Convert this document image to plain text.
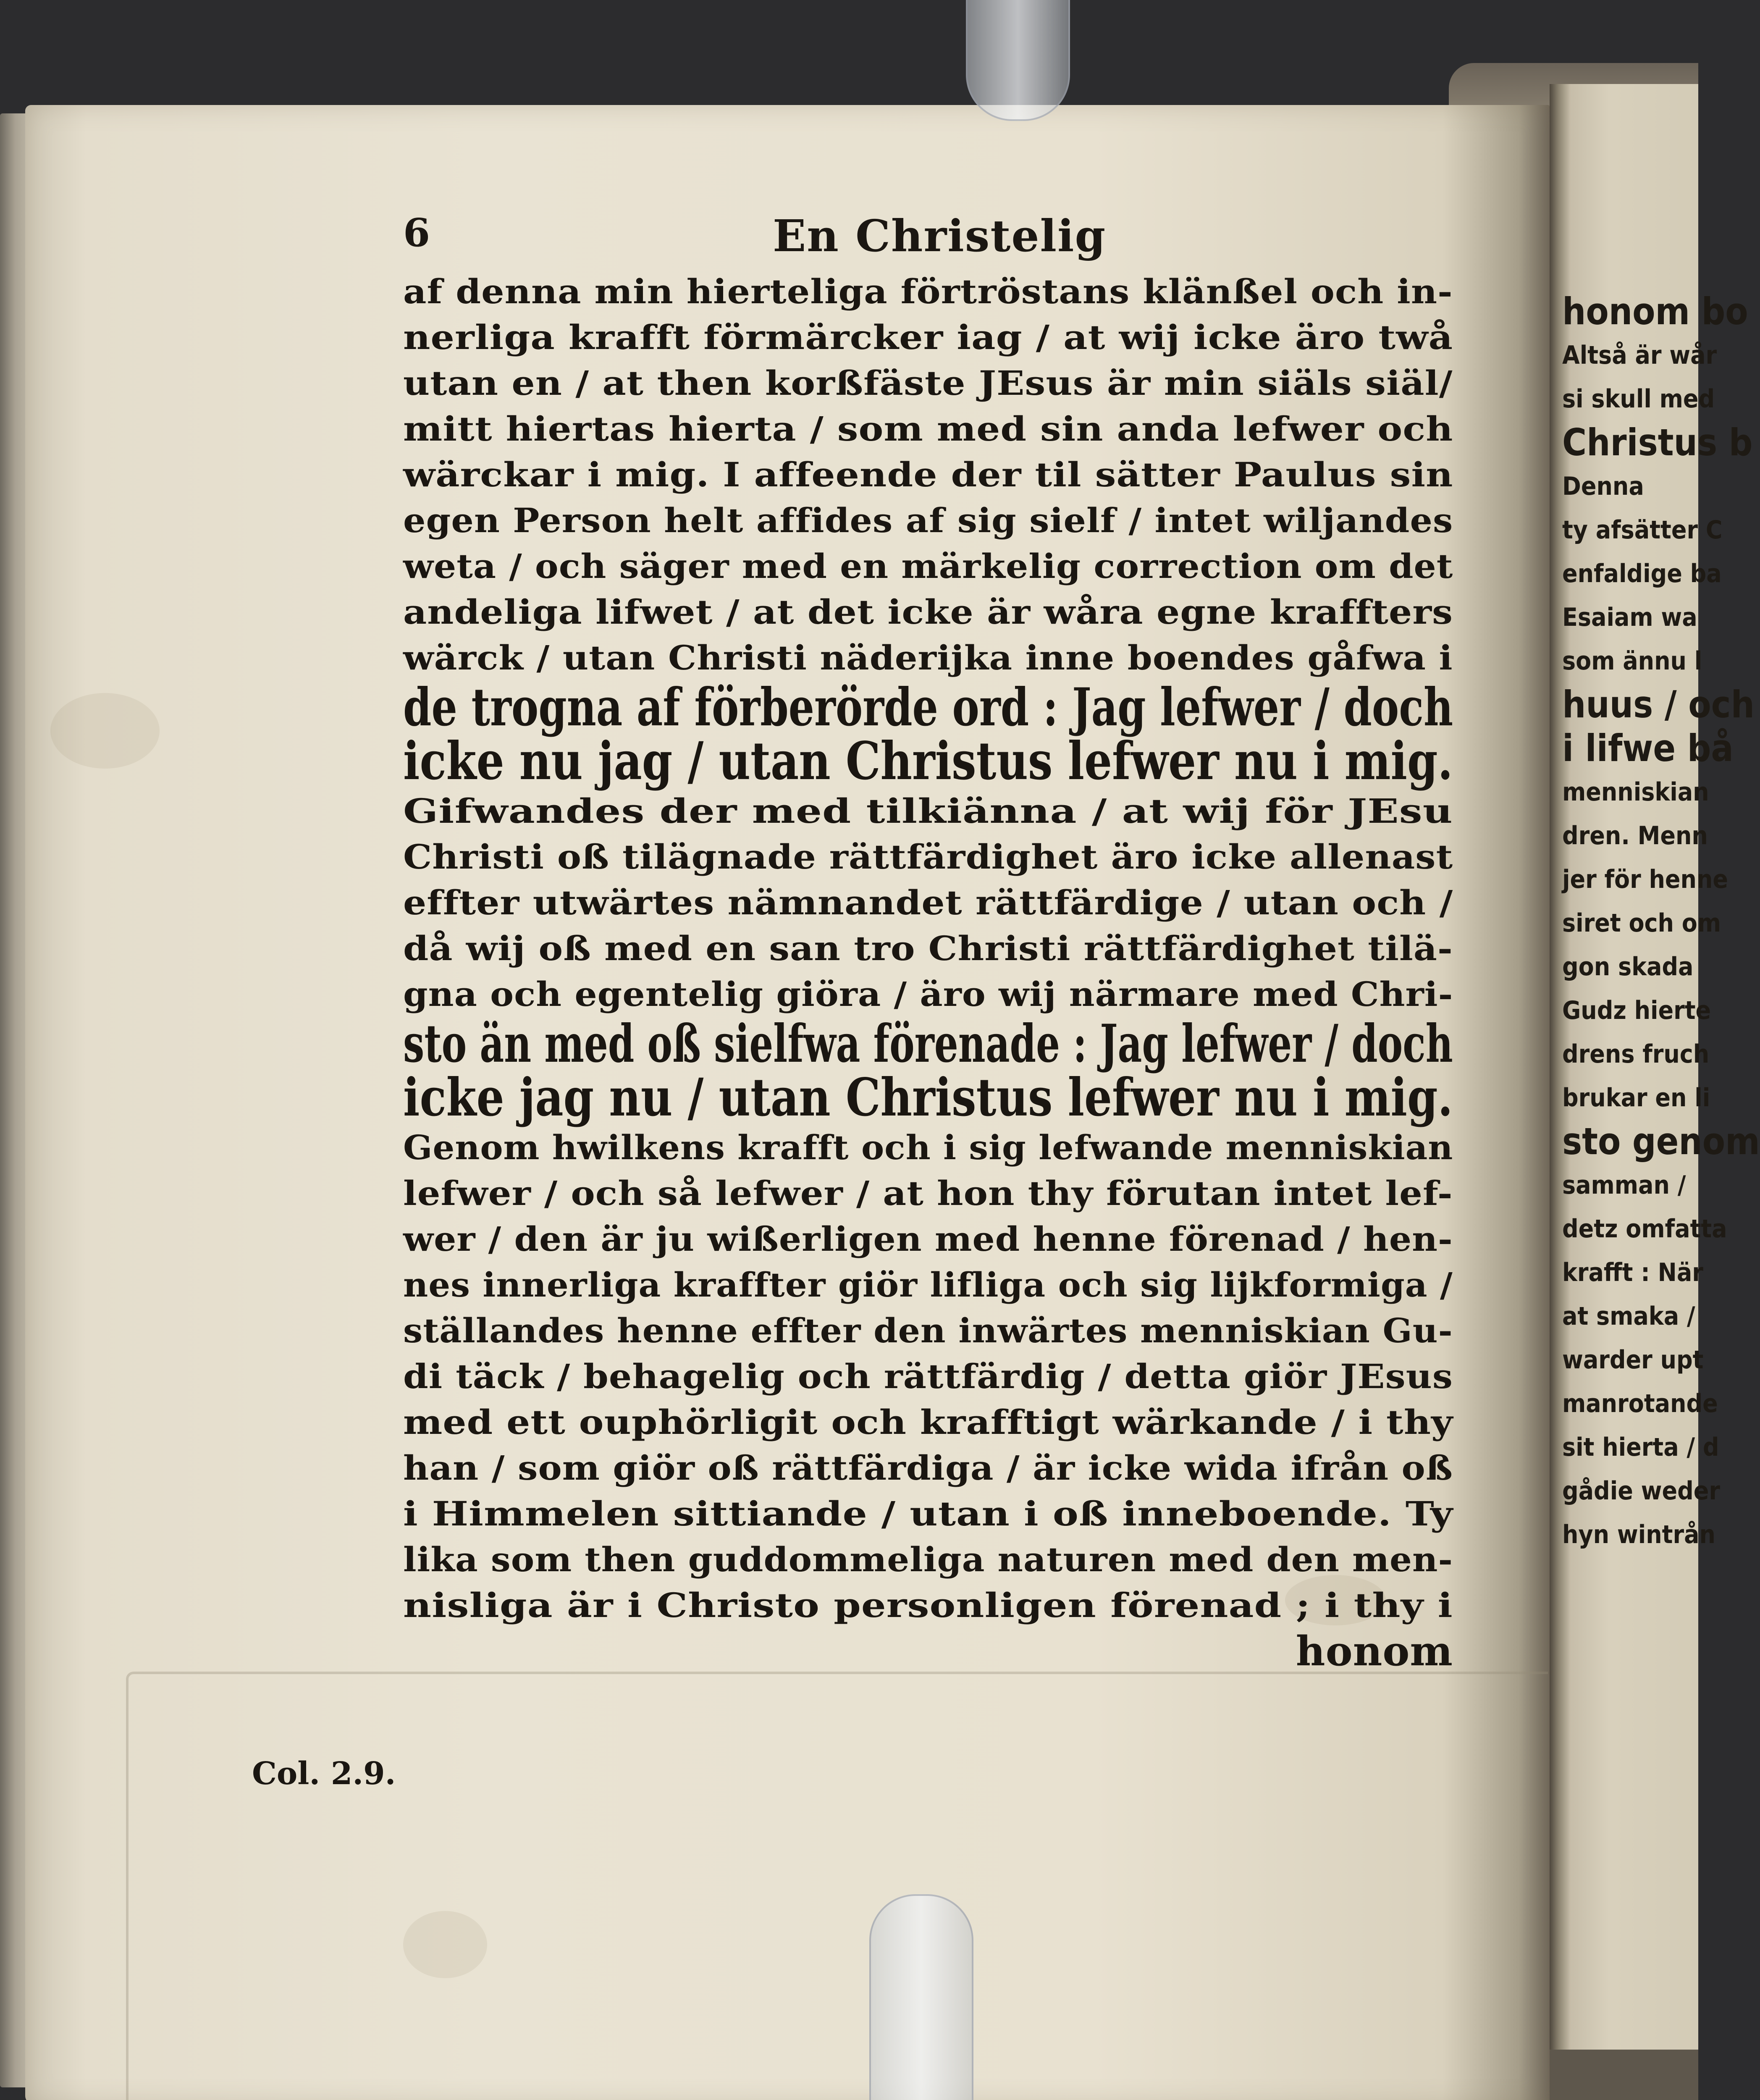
6	En Christelig
af denna min hierteliga förtröstans klänßel och in-
nerliga krafft förmärcker iag / at wij icke äro twå
utan en / at then korßfäste JEsus är min siäls siäl/
mitt hiertas hierta / som med sin anda lefwer och
wärckar i mig. I affeende der til sätter Paulus sin
egen Person helt affides af sig sielf / intet wiljandes
weta / och säger med en märkelig correction om det
andeliga lifwet / at det icke är wåra egne kraffters
wärck / utan Christi näderijka inne boendes gåfwa i
de trogna af förberörde ord : Jag lefwer / doch
icke nu jag / utan Christus lefwer nu i mig.
Gifwandes der med tilkiänna / at wij för JEsu
Christi oß tilägnade rättfärdighet äro icke allenast
effter utwärtes nämnandet rättfärdige / utan och /
då wij oß med en san tro Christi rättfärdighet tilä-
gna och egentelig giöra / äro wij närmare med Chri-
sto än med oß sielfwa förenade : Jag lefwer / doch
icke jag nu / utan Christus lefwer nu i mig.
Genom hwilkens krafft och i sig lefwande menniskian
lefwer / och så lefwer / at hon thy förutan intet lef-
wer / den är ju wißerligen med henne förenad / hen-
nes innerliga kraffter giör lifliga och sig lijkformiga /
ställandes henne effter den inwärtes menniskian Gu-
di täck / behagelig och rättfärdig / detta giör JEsus
med ett ouphörligit och krafftigt wärkande / i thy
han / som giör oß rättfärdiga / är icke wida ifrån oß
i Himmelen sittiande / utan i oß inneboende. Ty
lika som then guddommeliga naturen med den men-
nisliga är i Christo personligen förenad ; i thy i
honom
Col. 2.9.
honom bo
Altså är wår
si skull med
Christus b
Denna
ty afsätter C
enfaldige ba
Esaiam wa
som ännu l
huus / och
i lifwe bå
menniskian
dren. Menn
jer för henne
siret och om
gon skada
Gudz hierte
drens fruch
brukar en li
sto genom
samman /
detz omfatta
krafft : När
at smaka /
warder upt
manrotande
sit hierta / d
gådie weder
hyn wintrån
